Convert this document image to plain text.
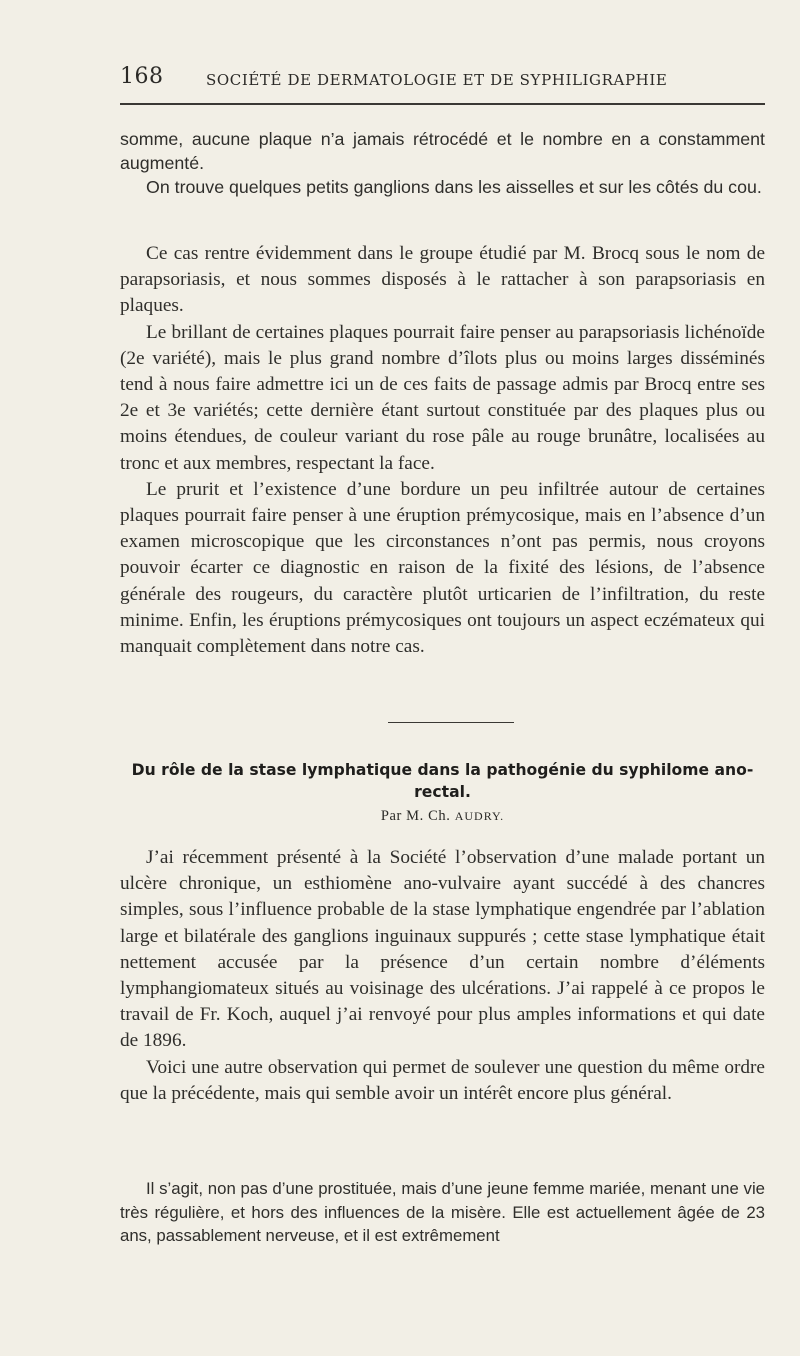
168	SOCIÉTÉ DE DERMATOLOGIE ET DE SYPHILIGRAPHIE

somme, aucune plaque n’a jamais rétrocédé et le nombre en a constamment augmenté.

On trouve quelques petits ganglions dans les aisselles et sur les côtés du cou.

Ce cas rentre évidemment dans le groupe étudié par M. Brocq sous le nom de parapsoriasis, et nous sommes disposés à le rattacher à son parapsoriasis en plaques.

Le brillant de certaines plaques pourrait faire penser au parapsoriasis lichénoïde (2e variété), mais le plus grand nombre d’îlots plus ou moins larges disséminés tend à nous faire admettre ici un de ces faits de passage admis par Brocq entre ses 2e et 3e variétés; cette dernière étant surtout constituée par des plaques plus ou moins étendues, de couleur variant du rose pâle au rouge brunâtre, localisées au tronc et aux membres, respectant la face.

Le prurit et l’existence d’une bordure un peu infiltrée autour de certaines plaques pourrait faire penser à une éruption prémycosique, mais en l’absence d’un examen microscopique que les circonstances n’ont pas permis, nous croyons pouvoir écarter ce diagnostic en raison de la fixité des lésions, de l’absence générale des rougeurs, du caractère plutôt urticarien de l’infiltration, du reste minime. Enfin, les éruptions prémycosiques ont toujours un aspect eczémateux qui manquait complètement dans notre cas.

Du rôle de la stase lymphatique dans la pathogénie du syphilome ano-rectal.
Par M. Ch. AUDRY.

J’ai récemment présenté à la Société l’observation d’une malade portant un ulcère chronique, un esthiomène ano-vulvaire ayant succédé à des chancres simples, sous l’influence probable de la stase lymphatique engendrée par l’ablation large et bilatérale des ganglions inguinaux suppurés ; cette stase lymphatique était nettement accusée par la présence d’un certain nombre d’éléments lymphangiomateux situés au voisinage des ulcérations. J’ai rappelé à ce propos le travail de Fr. Koch, auquel j’ai renvoyé pour plus amples informations et qui date de 1896.

Voici une autre observation qui permet de soulever une question du même ordre que la précédente, mais qui semble avoir un intérêt encore plus général.

Il s’agit, non pas d’une prostituée, mais d’une jeune femme mariée, menant une vie très régulière, et hors des influences de la misère. Elle est actuellement âgée de 23 ans, passablement nerveuse, et il est extrêmement
